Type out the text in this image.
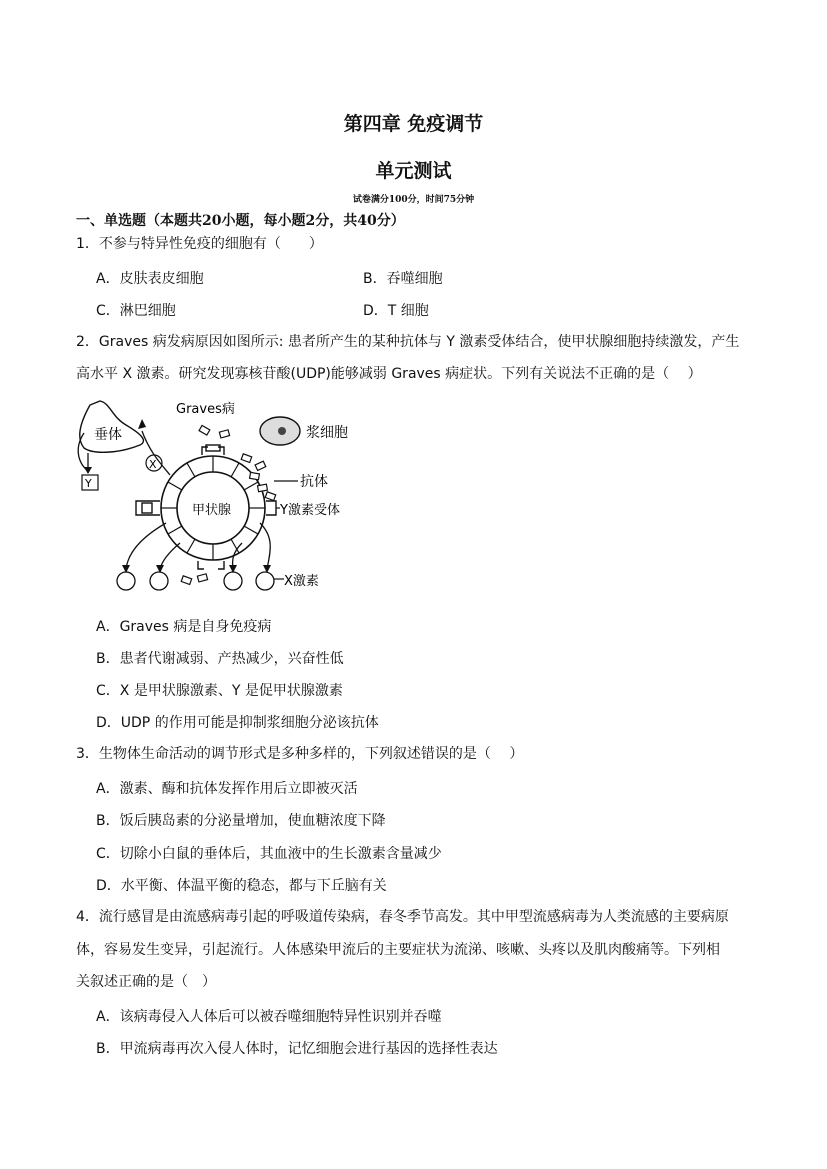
第四章 免疫调节
单元测试
试卷满分100分，时间75分钟
一、单选题（本题共20小题，每小题2分，共40分）
1．不参与特异性免疫的细胞有（　　）
A．皮肤表皮细胞	B．吞噬细胞
C．淋巴细胞	D．T 细胞
2．Graves 病发病原因如图所示: 患者所产生的某种抗体与 Y 激素受体结合，使甲状腺细胞持续激发，产生
高水平 X 激素。研究发现寡核苷酸(UDP)能够减弱 Graves 病症状。下列有关说法不正确的是（　 ）
垂体
Y
X
Graves病
甲状腺
浆细胞
抗体
Y激素受体
X激素
A．Graves 病是自身免疫病
B．患者代谢减弱、产热减少，兴奋性低
C．X 是甲状腺激素、Y 是促甲状腺激素
D．UDP 的作用可能是抑制浆细胞分泌该抗体
3．生物体生命活动的调节形式是多种多样的，下列叙述错误的是（　 ）
A．激素、酶和抗体发挥作用后立即被灭活
B．饭后胰岛素的分泌量增加，使血糖浓度下降
C．切除小白鼠的垂体后，其血液中的生长激素含量减少
D．水平衡、体温平衡的稳态，都与下丘脑有关
4．流行感冒是由流感病毒引起的呼吸道传染病，春冬季节高发。其中甲型流感病毒为人类流感的主要病原
体，容易发生变异，引起流行。人体感染甲流后的主要症状为流涕、咳嗽、头疼以及肌肉酸痛等。下列相
关叙述正确的是（　）
A．该病毒侵入人体后可以被吞噬细胞特异性识别并吞噬
B．甲流病毒再次入侵人体时，记忆细胞会进行基因的选择性表达
